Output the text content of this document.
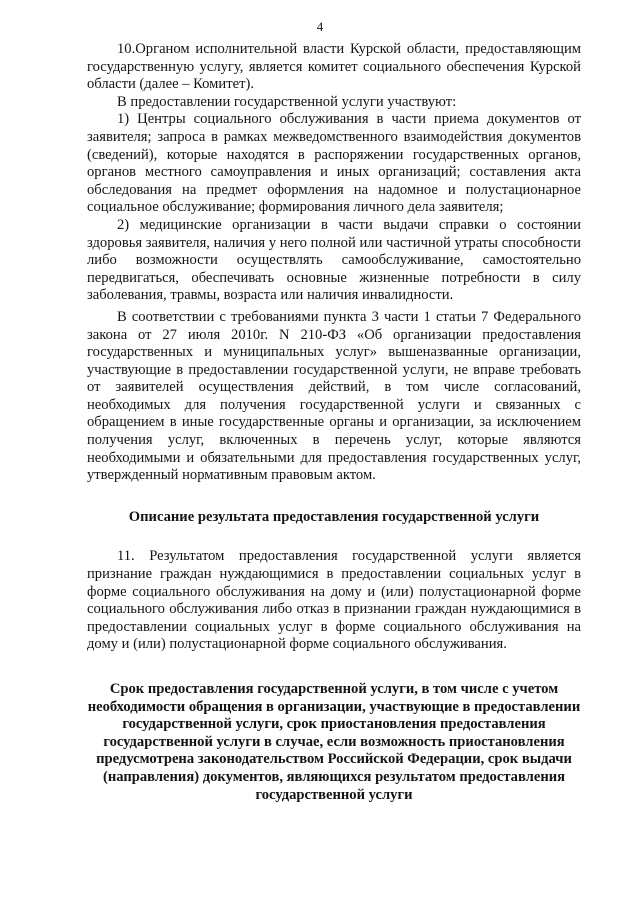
4

10.Органом исполнительной власти Курской области, предоставляющим государственную услугу, является комитет социального обеспечения Курской области (далее – Комитет).

В предоставлении государственной услуги участвуют:

1) Центры социального обслуживания в части приема документов от заявителя; запроса в рамках межведомственного взаимодействия документов (сведений), которые находятся в распоряжении государственных органов, органов местного самоуправления и иных организаций; составления акта обследования на предмет оформления на надомное и полустационарное социальное обслуживание; формирования личного дела заявителя;

2) медицинские организации в части выдачи справки о состоянии здоровья заявителя, наличия у него полной или частичной утраты способности либо возможности осуществлять самообслуживание, самостоятельно передвигаться, обеспечивать основные жизненные потребности в силу заболевания, травмы, возраста или наличия инвалидности.

В соответствии с требованиями пункта 3 части 1 статьи 7 Федерального закона от 27 июля 2010г. N 210-ФЗ «Об организации предоставления государственных и муниципальных услуг» вышеназванные организации, участвующие в предоставлении государственной услуги, не вправе требовать от заявителей осуществления действий, в том числе согласований, необходимых для получения государственной услуги и связанных с обращением в иные государственные органы и организации, за исключением получения услуг, включенных в перечень услуг, которые являются необходимыми и обязательными для предоставления государственных услуг, утвержденный нормативным правовым актом.

Описание результата предоставления государственной услуги

11. Результатом предоставления государственной услуги является признание граждан нуждающимися в предоставлении социальных услуг в форме социального обслуживания на дому и (или) полустационарной форме социального обслуживания либо отказ в признании граждан нуждающимися в предоставлении социальных услуг в форме социального обслуживания на дому и (или) полустационарной форме социального обслуживания.

Срок предоставления государственной услуги, в том числе с учетом необходимости обращения в организации, участвующие в предоставлении государственной услуги, срок приостановления предоставления государственной услуги в случае, если возможность приостановления предусмотрена законодательством Российской Федерации, срок выдачи (направления) документов, являющихся результатом предоставления государственной услуги
